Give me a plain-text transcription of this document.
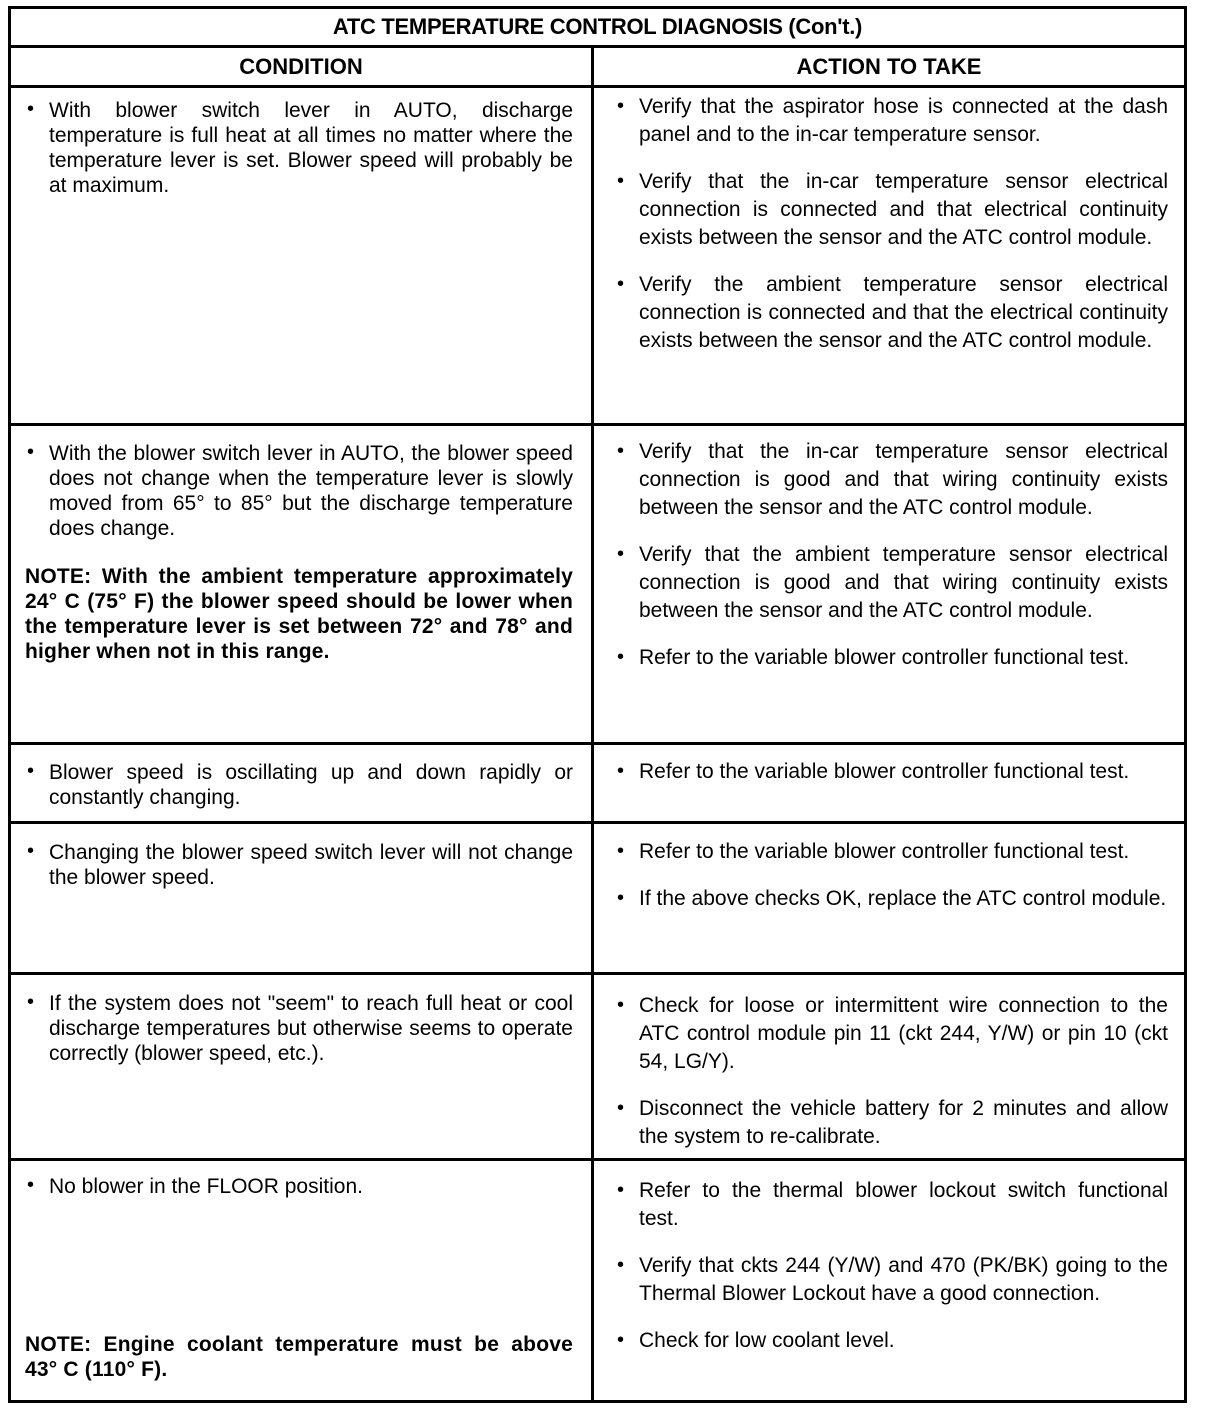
ATC TEMPERATURE CONTROL DIAGNOSIS (Con't.)
CONDITION	ACTION TO TAKE
• With blower switch lever in AUTO, discharge temperature is full heat at all times no matter where the temperature lever is set. Blower speed will probably be at maximum.
• Verify that the aspirator hose is connected at the dash panel and to the in-car temperature sensor.
• Verify that the in-car temperature sensor electrical connection is connected and that electrical continuity exists between the sensor and the ATC control module.
• Verify the ambient temperature sensor electrical connection is connected and that the electrical continuity exists between the sensor and the ATC control module.
• With the blower switch lever in AUTO, the blower speed does not change when the temperature lever is slowly moved from 65° to 85° but the discharge temperature does change.
NOTE: With the ambient temperature approximately 24° C (75° F) the blower speed should be lower when the temperature lever is set between 72° and 78° and higher when not in this range.
• Verify that the in-car temperature sensor electrical connection is good and that wiring continuity exists between the sensor and the ATC control module.
• Verify that the ambient temperature sensor electrical connection is good and that wiring continuity exists between the sensor and the ATC control module.
• Refer to the variable blower controller functional test.
• Blower speed is oscillating up and down rapidly or constantly changing.
• Refer to the variable blower controller functional test.
• Changing the blower speed switch lever will not change the blower speed.
• Refer to the variable blower controller functional test.
• If the above checks OK, replace the ATC control module.
• If the system does not "seem" to reach full heat or cool discharge temperatures but otherwise seems to operate correctly (blower speed, etc.).
• Check for loose or intermittent wire connection to the ATC control module pin 11 (ckt 244, Y/W) or pin 10 (ckt 54, LG/Y).
• Disconnect the vehicle battery for 2 minutes and allow the system to re-calibrate.
• No blower in the FLOOR position.
NOTE: Engine coolant temperature must be above 43° C (110° F).
• Refer to the thermal blower lockout switch functional test.
• Verify that ckts 244 (Y/W) and 470 (PK/BK) going to the Thermal Blower Lockout have a good connection.
• Check for low coolant level.
